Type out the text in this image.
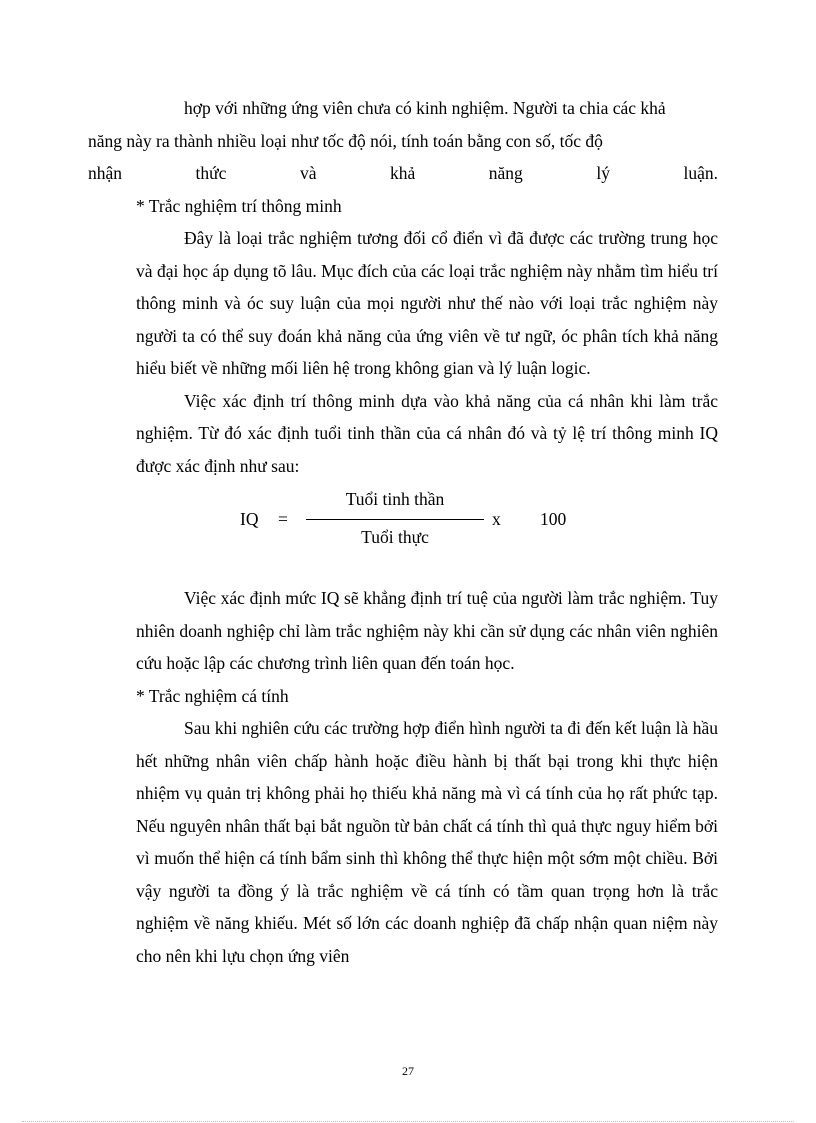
hợp với những ứng viên chưa có kinh nghiệm. Người ta chia các khả
năng này ra thành nhiều loại như tốc độ nói, tính toán bằng con số, tốc độ
nhận	thức	và	khả	năng	lý	luận.

* Trắc nghiệm trí thông minh

Đây là loại trắc nghiệm tương đối cổ điển vì đã được các trường trung học và đại học áp dụng tõ lâu. Mục đích của các loại trắc nghiệm này nhằm tìm hiểu trí thông minh và óc suy luận của mọi người như thế nào với loại trắc nghiệm này người ta có thể suy đoán khả năng của ứng viên về tư ngữ, óc phân tích khả năng hiểu biết về những mối liên hệ trong không gian và lý luận logic.

Việc xác định trí thông minh dựa vào khả năng của cá nhân khi làm trắc nghiệm. Từ đó xác định tuổi tinh thần của cá nhân đó và tỷ lệ trí thông minh IQ được xác định như sau:

IQ =
Tuổi tinh thần
Tuổi thực
x 100

Việc xác định mức IQ sẽ khẳng định trí tuệ của người làm trắc nghiệm. Tuy nhiên doanh nghiệp chỉ làm trắc nghiệm này khi cần sử dụng các nhân viên nghiên cứu hoặc lập các chương trình liên quan đến toán học.

* Trắc nghiệm cá tính

Sau khi nghiên cứu các trường hợp điển hình người ta đi đến kết luận là hầu hết những nhân viên chấp hành hoặc điều hành bị thất bại trong khi thực hiện nhiệm vụ quản trị không phải họ thiếu khả năng mà vì cá tính của họ rất phức tạp. Nếu nguyên nhân thất bại bắt nguồn từ bản chất cá tính thì quả thực nguy hiểm bởi vì muốn thể hiện cá tính bẩm sinh thì không thể thực hiện một sớm một chiều. Bởi vậy người ta đồng ý là trắc nghiệm về cá tính có tầm quan trọng hơn là trắc nghiệm về năng khiếu. Mét số lớn các doanh nghiệp đã chấp nhận quan niệm này cho nên khi lựu chọn ứng viên

27
